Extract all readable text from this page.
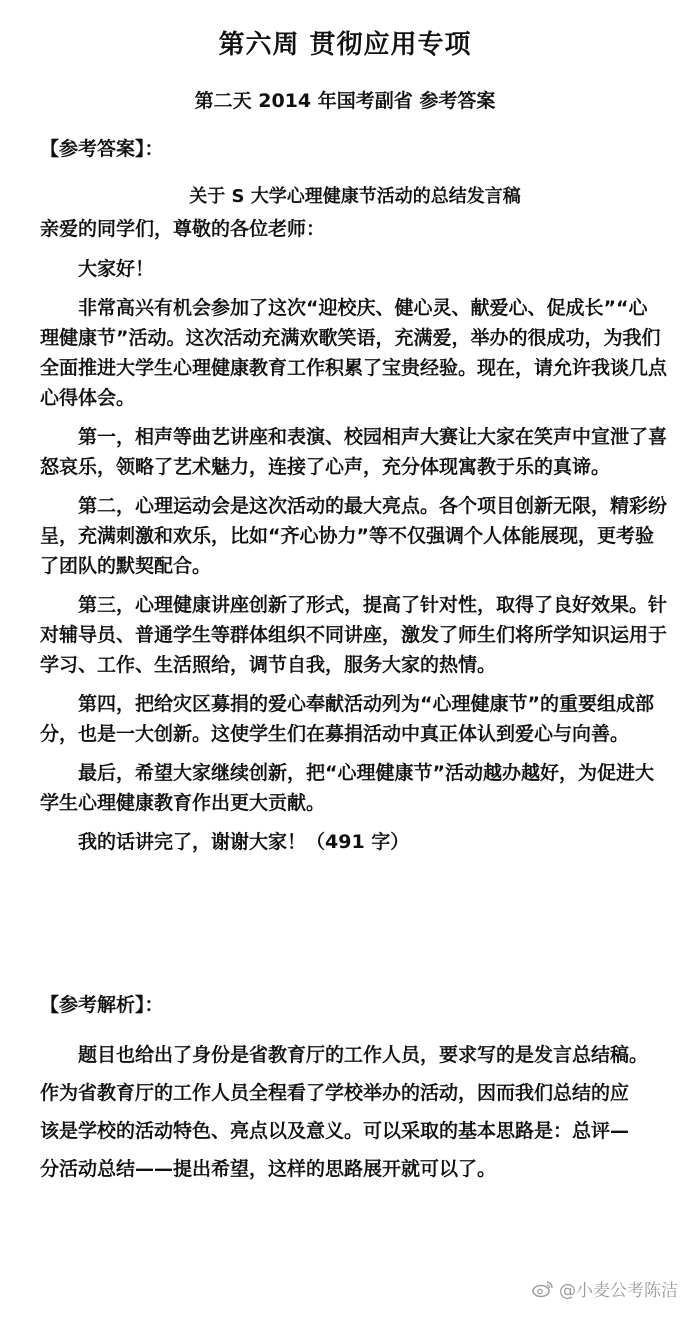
第六周 贯彻应用专项
第二天 2014 年国考副省 参考答案
【参考答案】：
关于 S 大学心理健康节活动的总结发言稿
亲爱的同学们，尊敬的各位老师：
大家好！
非常高兴有机会参加了这次“迎校庆、健心灵、献爱心、促成长”“心
理健康节”活动。这次活动充满欢歌笑语，充满爱，举办的很成功，为我们
全面推进大学生心理健康教育工作积累了宝贵经验。现在，请允许我谈几点
心得体会。
第一，相声等曲艺讲座和表演、校园相声大赛让大家在笑声中宣泄了喜
怒哀乐，领略了艺术魅力，连接了心声，充分体现寓教于乐的真谛。
第二，心理运动会是这次活动的最大亮点。各个项目创新无限，精彩纷
呈，充满刺激和欢乐，比如“齐心协力”等不仅强调个人体能展现，更考验
了团队的默契配合。
第三，心理健康讲座创新了形式，提高了针对性，取得了良好效果。针
对辅导员、普通学生等群体组织不同讲座，激发了师生们将所学知识运用于
学习、工作、生活照给，调节自我，服务大家的热情。
第四，把给灾区募捐的爱心奉献活动列为“心理健康节”的重要组成部
分，也是一大创新。这使学生们在募捐活动中真正体认到爱心与向善。
最后，希望大家继续创新，把“心理健康节”活动越办越好，为促进大
学生心理健康教育作出更大贡献。
我的话讲完了，谢谢大家！（491 字）
【参考解析】：
题目也给出了身份是省教育厅的工作人员，要求写的是发言总结稿。
作为省教育厅的工作人员全程看了学校举办的活动，因而我们总结的应
该是学校的活动特色、亮点以及意义。可以采取的基本思路是：总评—
分活动总结——提出希望，这样的思路展开就可以了。
@小麦公考陈洁
